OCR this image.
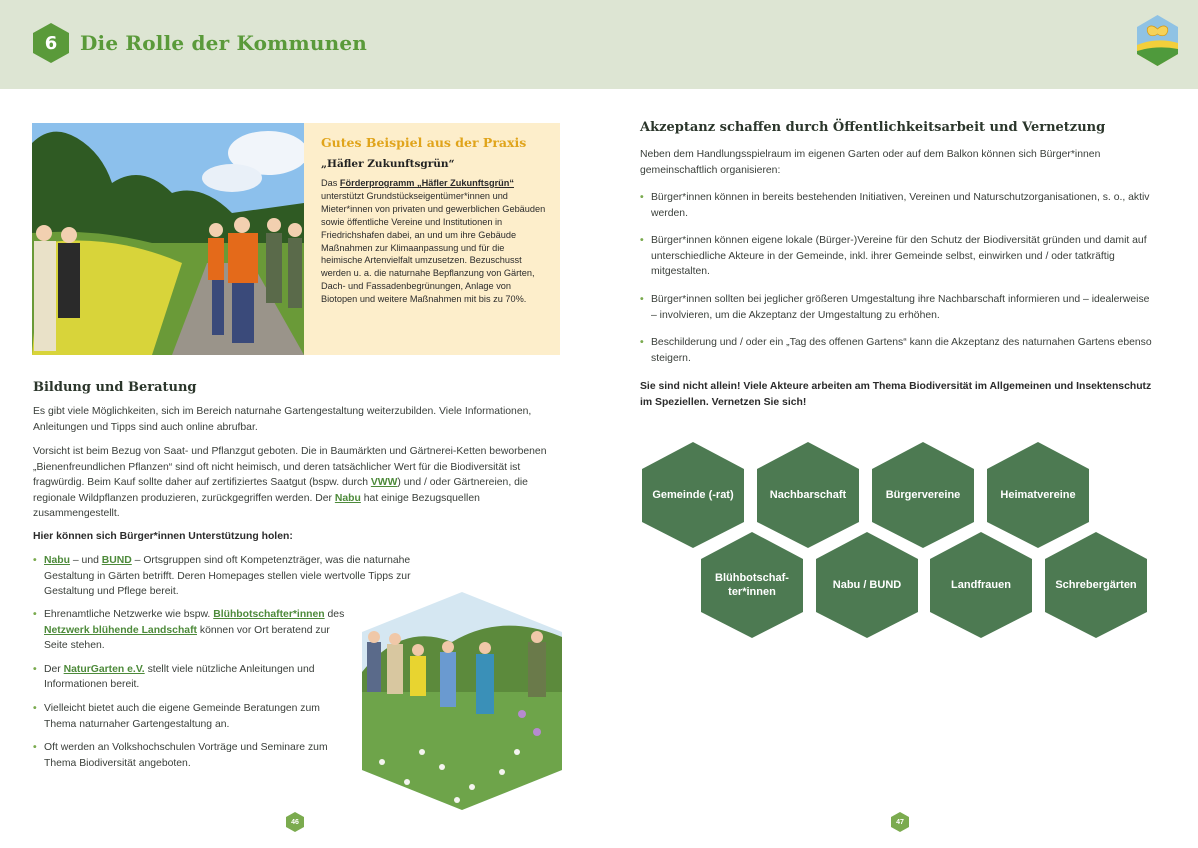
6	Die Rolle der Kommunen

Gutes Beispiel aus der Praxis

„Häfler Zukunftsgrün“

Das Förderprogramm „Häfler Zukunftsgrün“ unterstützt Grundstückseigentümer*innen und Mieter*innen von privaten und gewerblichen Gebäuden sowie öffentliche Vereine und Institutionen in Friedrichshafen dabei, an und um ihre Gebäude Maßnahmen zur Klimaanpassung und für die heimische Artenvielfalt umzusetzen. Bezuschusst werden u. a. die naturnahe Bepflanzung von Gärten, Dach- und Fassadenbegrünungen, Anlage von Biotopen und weitere Maßnahmen mit bis zu 70%.

Bildung und Beratung

Es gibt viele Möglichkeiten, sich im Bereich naturnahe Gartengestaltung weiterzubilden. Viele Informationen, Anleitungen und Tipps sind auch online abrufbar.

Vorsicht ist beim Bezug von Saat- und Pflanzgut geboten. Die in Baumärkten und Gärtnerei-Ketten beworbenen „Bienenfreundlichen Pflanzen“ sind oft nicht heimisch, und deren tatsächlicher Wert für die Biodiversität ist fragwürdig. Beim Kauf sollte daher auf zertifiziertes Saatgut (bspw. durch VWW) und / oder Gärtnereien, die regionale Wildpflanzen produzieren, zurückgegriffen werden. Der Nabu hat einige Bezugsquellen zusammengestellt.

Hier können sich Bürger*innen Unterstützung holen:

• Nabu – und BUND – Ortsgruppen sind oft Kompetenzträger, was die naturnahe Gestaltung in Gärten betrifft. Deren Homepages stellen viele wertvolle Tipps zur Gestaltung und Pflege bereit.
• Ehrenamtliche Netzwerke wie bspw. Blühbotschafter*innen des Netzwerk blühende Landschaft können vor Ort beratend zur Seite stehen.
• Der NaturGarten e.V. stellt viele nützliche Anleitungen und Informationen bereit.
• Vielleicht bietet auch die eigene Gemeinde Beratungen zum Thema naturnaher Gartengestaltung an.
• Oft werden an Volkshochschulen Vorträge und Seminare zum Thema Biodiversität angeboten.
46
Akzeptanz schaffen durch Öffentlichkeitsarbeit und Vernetzung

Neben dem Handlungsspielraum im eigenen Garten oder auf dem Balkon können sich Bürger*innen gemeinschaftlich organisieren:

• Bürger*innen können in bereits bestehenden Initiativen, Vereinen und Naturschutzorganisationen, s. o., aktiv werden.
• Bürger*innen können eigene lokale (Bürger-)Vereine für den Schutz der Biodiversität gründen und damit auf unterschiedliche Akteure in der Gemeinde, inkl. ihrer Gemeinde selbst, einwirken und / oder tatkräftig mitgestalten.
• Bürger*innen sollten bei jeglicher größeren Umgestaltung ihre Nachbarschaft informieren und – idealerweise – involvieren, um die Akzeptanz der Umgestaltung zu erhöhen.
• Beschilderung und / oder ein „Tag des offenen Gartens“ kann die Akzeptanz des naturnahen Gartens ebenso steigern.

Sie sind nicht allein! Viele Akteure arbeiten am Thema Biodiversität im Allgemeinen und Insektenschutz im Speziellen. Vernetzen Sie sich!

Gemeinde (-rat)	Nachbarschaft	Bürgervereine	Heimatvereine
Blühbotschaf-ter*innen
Nabu / BUND	Landfrauen	Schrebergärten
47
